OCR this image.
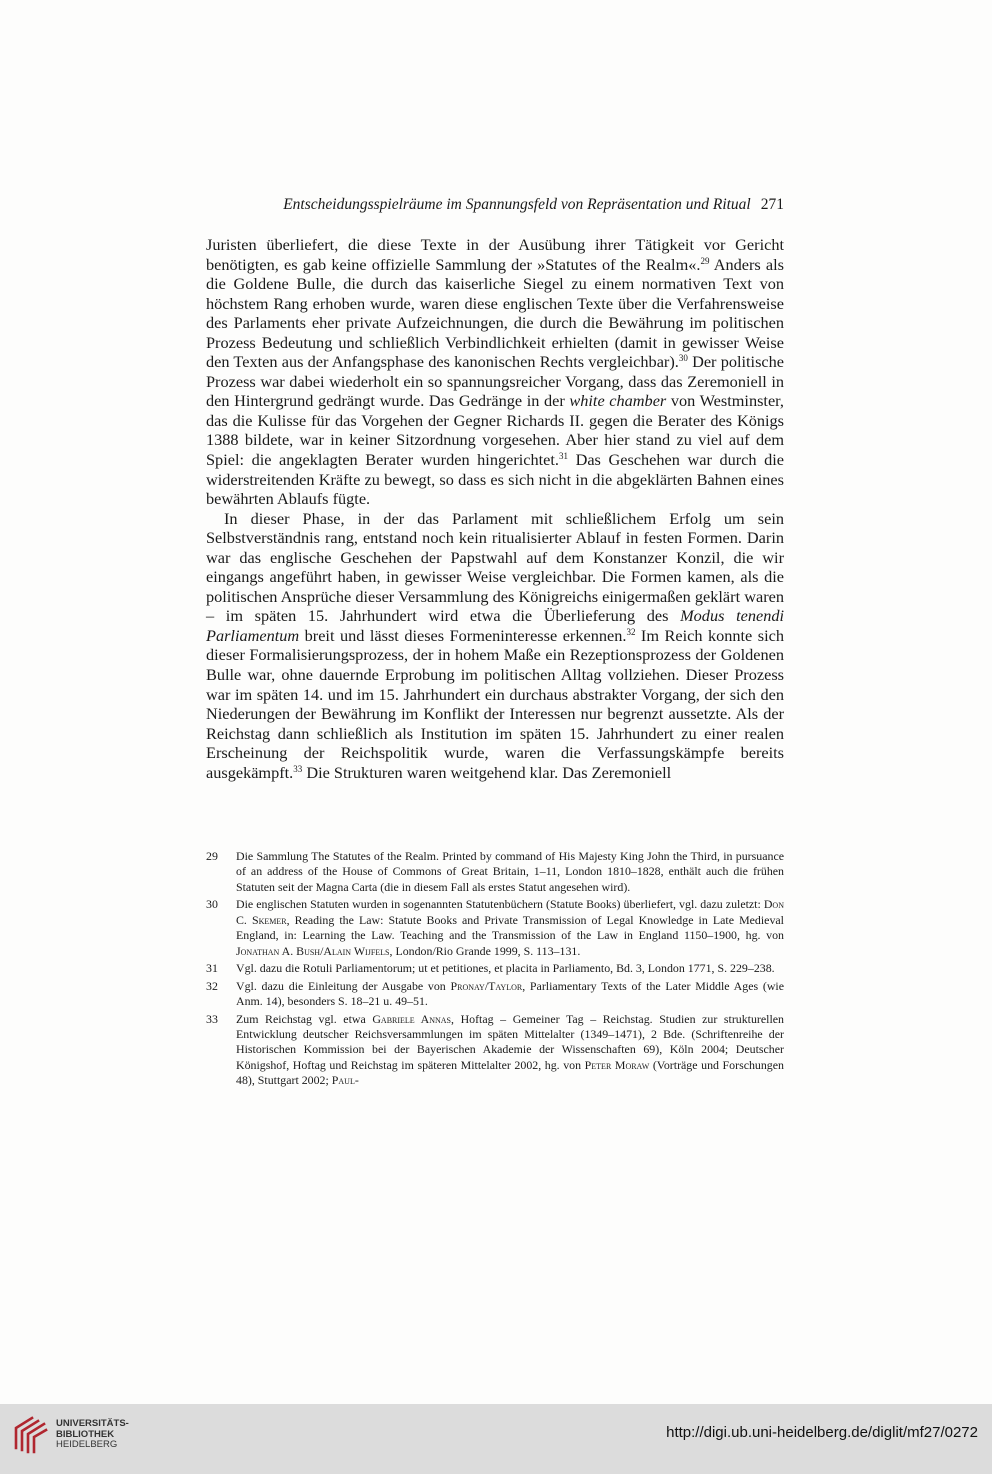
Entscheidungsspielräume im Spannungsfeld von Repräsentation und Ritual 271

Juristen überliefert, die diese Texte in der Ausübung ihrer Tätigkeit vor Gericht benötigten, es gab keine offizielle Sammlung der »Statutes of the Realm«.$^{29}$ Anders als die Goldene Bulle, die durch das kaiserliche Siegel zu einem normativen Text von höchstem Rang erhoben wurde, waren diese englischen Texte über die Verfahrensweise des Parlaments eher private Aufzeichnungen, die durch die Bewährung im politischen Prozess Bedeutung und schließlich Verbindlichkeit erhielten (damit in gewisser Weise den Texten aus der Anfangsphase des kanonischen Rechts vergleichbar).$^{30}$ Der politische Prozess war dabei wiederholt ein so spannungsreicher Vorgang, dass das Zeremoniell in den Hintergrund gedrängt wurde. Das Gedränge in der white chamber von Westminster, das die Kulisse für das Vorgehen der Gegner Richards II. gegen die Berater des Königs 1388 bildete, war in keiner Sitzordnung vorgesehen. Aber hier stand zu viel auf dem Spiel: die angeklagten Berater wurden hingerichtet.$^{31}$ Das Geschehen war durch die widerstreitenden Kräfte zu bewegt, so dass es sich nicht in die abgeklärten Bahnen eines bewährten Ablaufs fügte.

In dieser Phase, in der das Parlament mit schließlichem Erfolg um sein Selbstverständnis rang, entstand noch kein ritualisierter Ablauf in festen Formen. Darin war das englische Geschehen der Papstwahl auf dem Konstanzer Konzil, die wir eingangs angeführt haben, in gewisser Weise vergleichbar. Die Formen kamen, als die politischen Ansprüche dieser Versammlung des Königreichs einigermaßen geklärt waren – im späten 15. Jahrhundert wird etwa die Überlieferung des Modus tenendi Parliamentum breit und lässt dieses Formeninteresse erkennen.$^{32}$ Im Reich konnte sich dieser Formalisierungsprozess, der in hohem Maße ein Rezeptionsprozess der Goldenen Bulle war, ohne dauernde Erprobung im politischen Alltag vollziehen. Dieser Prozess war im späten 14. und im 15. Jahrhundert ein durchaus abstrakter Vorgang, der sich den Niederungen der Bewährung im Konflikt der Interessen nur begrenzt aussetzte. Als der Reichstag dann schließlich als Institution im späten 15. Jahrhundert zu einer realen Erscheinung der Reichspolitik wurde, waren die Verfassungskämpfe bereits ausgekämpft.$^{33}$ Die Strukturen waren weitgehend klar. Das Zeremoniell

29	Die Sammlung The Statutes of the Realm. Printed by command of His Majesty King John the Third, in pursuance of an address of the House of Commons of Great Britain, 1–11, London 1810–1828, enthält auch die frühen Statuten seit der Magna Carta (die in diesem Fall als erstes Statut angesehen wird).
30	Die englischen Statuten wurden in sogenannten Statutenbüchern (Statute Books) überliefert, vgl. dazu zuletzt: Don C. Skemer, Reading the Law: Statute Books and Private Transmission of Legal Knowledge in Late Medieval England, in: Learning the Law. Teaching and the Transmission of the Law in England 1150–1900, hg. von Jonathan A. Bush/Alain Wijfels, London/Rio Grande 1999, S. 113–131.
31	Vgl. dazu die Rotuli Parliamentorum; ut et petitiones, et placita in Parliamento, Bd. 3, London 1771, S. 229–238.
32	Vgl. dazu die Einleitung der Ausgabe von Pronay/Taylor, Parliamentary Texts of the Later Middle Ages (wie Anm. 14), besonders S. 18–21 u. 49–51.
33	Zum Reichstag vgl. etwa Gabriele Annas, Hoftag – Gemeiner Tag – Reichstag. Studien zur strukturellen Entwicklung deutscher Reichsversammlungen im späten Mittelalter (1349–1471), 2 Bde. (Schriftenreihe der Historischen Kommission bei der Bayerischen Akademie der Wissenschaften 69), Köln 2004; Deutscher Königshof, Hoftag und Reichstag im späteren Mittelalter 2002, hg. von Peter Moraw (Vorträge und Forschungen 48), Stuttgart 2002; Paul-
UNIVERSITÄTS-
BIBLIOTHEK
HEIDELBERG
http://digi.ub.uni-heidelberg.de/diglit/mf27/0272
